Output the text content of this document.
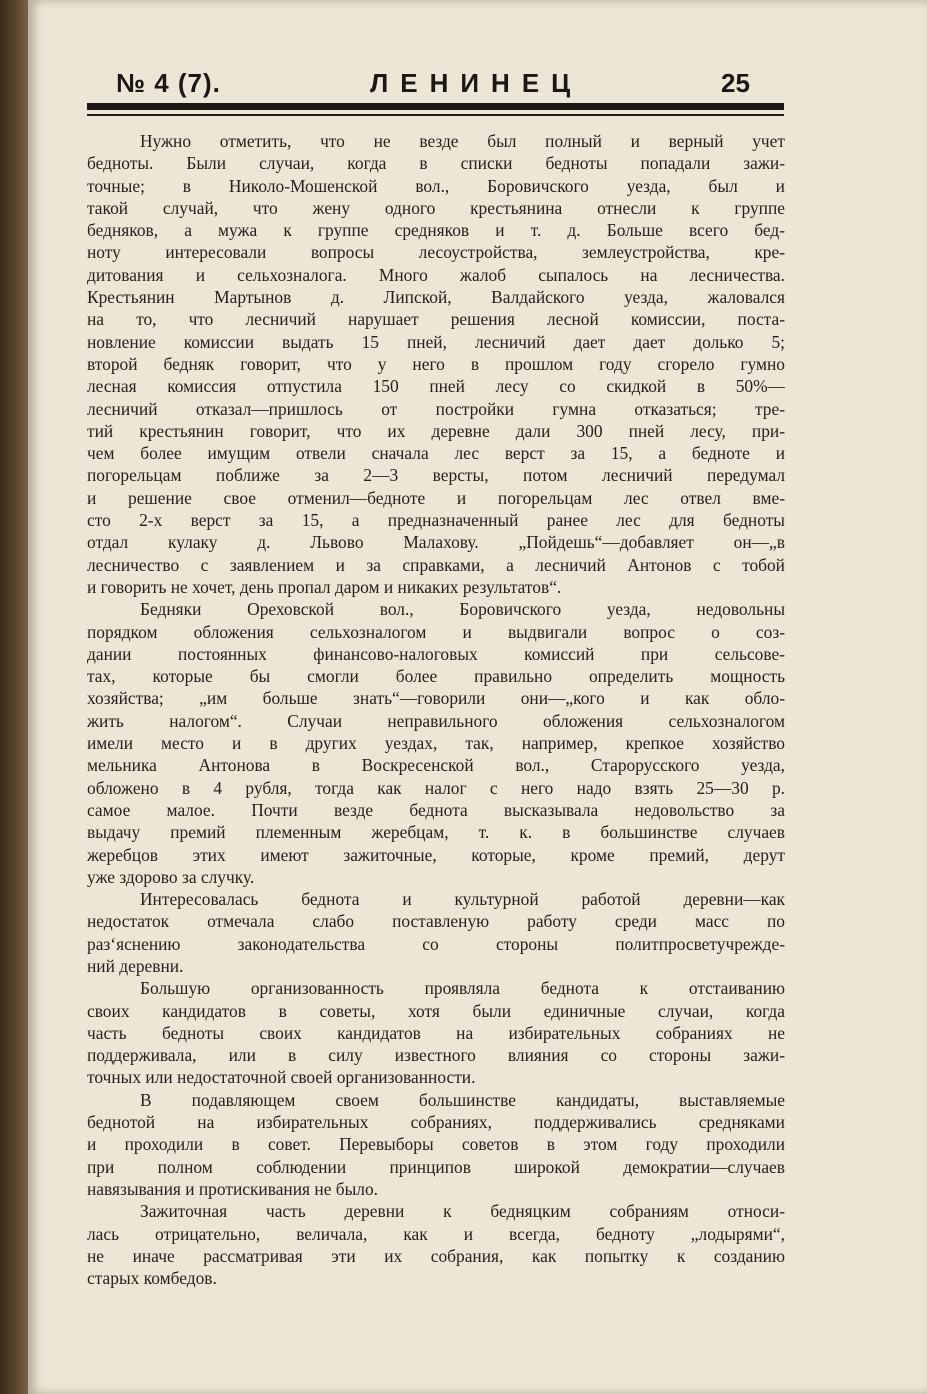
№ 4 (7).	ЛЕНИНЕЦ	25
Нужно отметить, что не везде был полный и верный учет
бедноты. Были случаи, когда в списки бедноты попадали зажи-
точные; в Николо-Мошенской вол., Боровичского уезда, был и
такой случай, что жену одного крестьянина отнесли к группе
бедняков, а мужа к группе средняков и т. д. Больше всего бед-
ноту интересовали вопросы лесоустройства, землеустройства, кре-
дитования и сельхозналога. Много жалоб сыпалось на лесничества.
Крестьянин Мартынов д. Липской, Валдайского уезда, жаловался
на то, что лесничий нарушает решения лесной комиссии, поста-
новление комиссии выдать 15 пней, лесничий дает дает долько 5;
второй бедняк говорит, что у него в прошлом году сгорело гумно
лесная комиссия отпустила 150 пней лесу со скидкой в 50%—
лесничий отказал—пришлось от постройки гумна отказаться; тре-
тий крестьянин говорит, что их деревне дали 300 пней лесу, при-
чем более имущим отвели сначала лес верст за 15, а бедноте и
погорельцам поближе за 2—3 версты, потом лесничий передумал
и решение свое отменил—бедноте и погорельцам лес отвел вме-
сто 2-х верст за 15, а предназначенный ранее лес для бедноты
отдал кулаку д. Львово Малахову. „Пойдешь“—добавляет он—„в
лесничество с заявлением и за справками, а лесничий Антонов с тобой
и говорить не хочет, день пропал даром и никаких результатов“.
Бедняки Ореховской вол., Боровичского уезда, недовольны
порядком обложения сельхозналогом и выдвигали вопрос о соз-
дании постоянных финансово-налоговых комиссий при сельсове-
тах, которые бы смогли более правильно определить мощность
хозяйства; „им больше знать“—говорили они—„кого и как обло-
жить налогом“. Случаи неправильного обложения сельхозналогом
имели место и в других уездах, так, например, крепкое хозяйство
мельника Антонова в Воскресенской вол., Старорусского уезда,
обложено в 4 рубля, тогда как налог с него надо взять 25—30 р.
самое малое. Почти везде беднота высказывала недовольство за
выдачу премий племенным жеребцам, т. к. в большинстве случаев
жеребцов этих имеют зажиточные, которые, кроме премий, дерут
уже здорово за случку.
Интересовалась беднота и культурной работой деревни—как
недостаток отмечала слабо поставленую работу среди масс по
раз‘яснению законодательства со стороны политпросветучрежде-
ний деревни.
Большую организованность проявляла беднота к отстаиванию
своих кандидатов в советы, хотя были единичные случаи, когда
часть бедноты своих кандидатов на избирательных собраниях не
поддерживала, или в силу известного влияния со стороны зажи-
точных или недостаточной своей организованности.
В подавляющем своем большинстве кандидаты, выставляемые
беднотой на избирательных собраниях, поддерживались средняками
и проходили в совет. Перевыборы советов в этом году проходили
при полном соблюдении принципов широкой демократии—случаев
навязывания и протискивания не было.
Зажиточная часть деревни к бедняцким собраниям относи-
лась отрицательно, величала, как и всегда, бедноту „лодырями“,
не иначе рассматривая эти их собрания, как попытку к созданию
старых комбедов.
